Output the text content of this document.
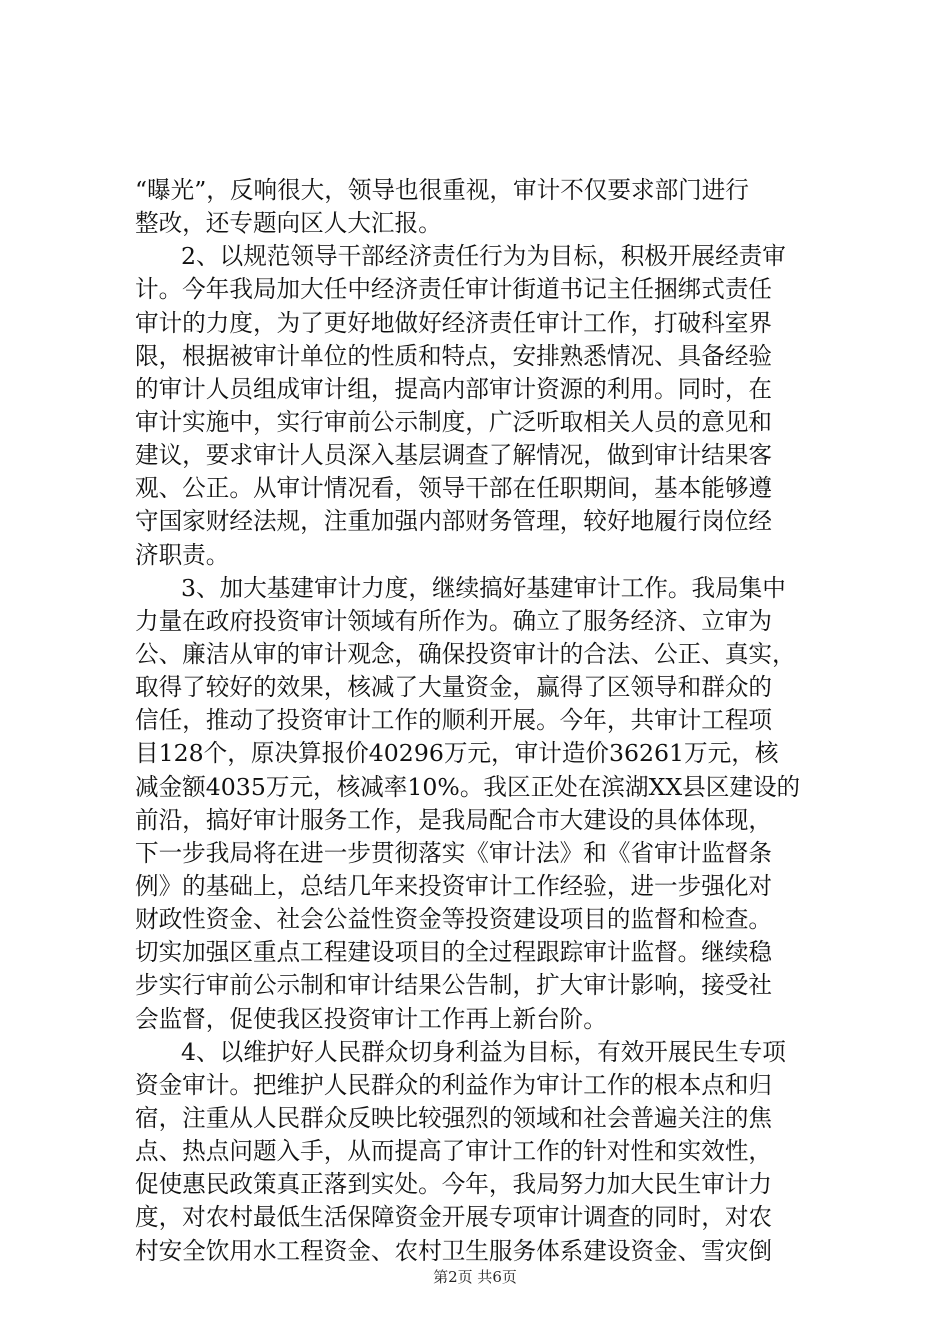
“曝光”，反响很大，领导也很重视，审计不仅要求部门进行
整改，还专题向区人大汇报。
2、以规范领导干部经济责任行为为目标，积极开展经责审
计。今年我局加大任中经济责任审计街道书记主任捆绑式责任
审计的力度，为了更好地做好经济责任审计工作，打破科室界
限，根据被审计单位的性质和特点，安排熟悉情况、具备经验
的审计人员组成审计组，提高内部审计资源的利用。同时，在
审计实施中，实行审前公示制度，广泛听取相关人员的意见和
建议，要求审计人员深入基层调查了解情况，做到审计结果客
观、公正。从审计情况看，领导干部在任职期间，基本能够遵
守国家财经法规，注重加强内部财务管理，较好地履行岗位经
济职责。
3、加大基建审计力度，继续搞好基建审计工作。我局集中
力量在政府投资审计领域有所作为。确立了服务经济、立审为
公、廉洁从审的审计观念，确保投资审计的合法、公正、真实，
取得了较好的效果，核减了大量资金，赢得了区领导和群众的
信任，推动了投资审计工作的顺利开展。今年，共审计工程项
目128个，原决算报价40296万元，审计造价36261万元，核
减金额4035万元，核减率10%。我区正处在滨湖XX县区建设的
前沿，搞好审计服务工作，是我局配合市大建设的具体体现，
下一步我局将在进一步贯彻落实《审计法》和《省审计监督条
例》的基础上，总结几年来投资审计工作经验，进一步强化对
财政性资金、社会公益性资金等投资建设项目的监督和检查。
切实加强区重点工程建设项目的全过程跟踪审计监督。继续稳
步实行审前公示制和审计结果公告制，扩大审计影响，接受社
会监督，促使我区投资审计工作再上新台阶。
4、以维护好人民群众切身利益为目标，有效开展民生专项
资金审计。把维护人民群众的利益作为审计工作的根本点和归
宿，注重从人民群众反映比较强烈的领域和社会普遍关注的焦
点、热点问题入手，从而提高了审计工作的针对性和实效性，
促使惠民政策真正落到实处。今年，我局努力加大民生审计力
度，对农村最低生活保障资金开展专项审计调查的同时，对农
村安全饮用水工程资金、农村卫生服务体系建设资金、雪灾倒
第2页 共6页
